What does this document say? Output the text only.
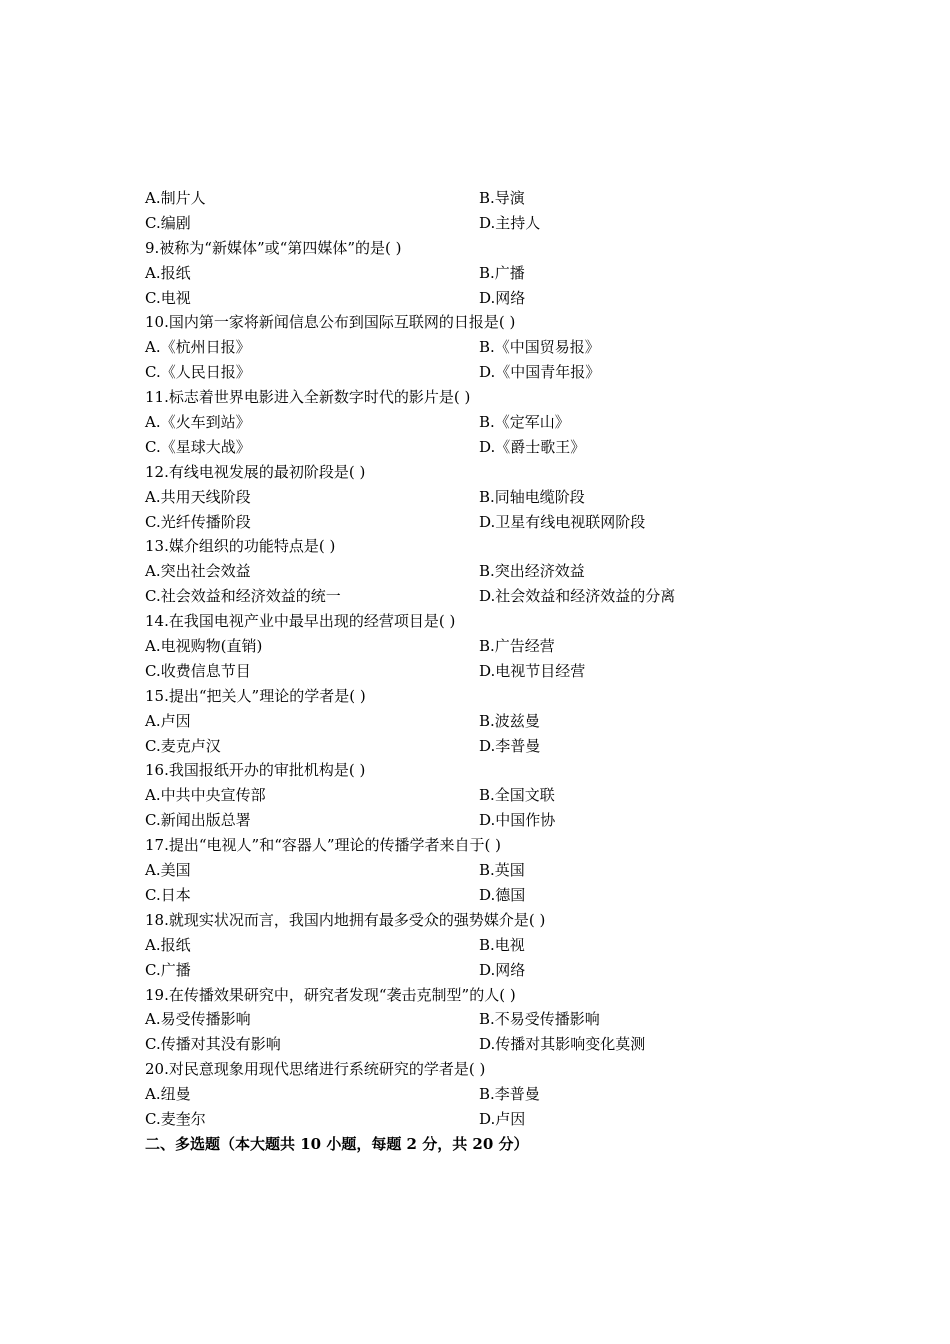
A.制片人	B.导演
C.编剧	D.主持人
9.被称为“新媒体”或“第四媒体”的是( )
A.报纸	B.广播
C.电视	D.网络
10.国内第一家将新闻信息公布到国际互联网的日报是( )
A.《杭州日报》	B.《中国贸易报》
C.《人民日报》	D.《中国青年报》
11.标志着世界电影进入全新数字时代的影片是( )
A.《火车到站》	B.《定军山》
C.《星球大战》	D.《爵士歌王》
12.有线电视发展的最初阶段是( )
A.共用天线阶段	B.同轴电缆阶段
C.光纤传播阶段	D.卫星有线电视联网阶段
13.媒介组织的功能特点是( )
A.突出社会效益	B.突出经济效益
C.社会效益和经济效益的统一	D.社会效益和经济效益的分离
14.在我国电视产业中最早出现的经营项目是( )
A.电视购物(直销)	B.广告经营
C.收费信息节目	D.电视节目经营
15.提出“把关人”理论的学者是( )
A.卢因	B.波兹曼
C.麦克卢汉	D.李普曼
16.我国报纸开办的审批机构是( )
A.中共中央宣传部	B.全国文联
C.新闻出版总署	D.中国作协
17.提出“电视人”和“容器人”理论的传播学者来自于( )
A.美国	B.英国
C.日本	D.德国
18.就现实状况而言，我国内地拥有最多受众的强势媒介是( )
A.报纸	B.电视
C.广播	D.网络
19.在传播效果研究中，研究者发现“袭击克制型”的人( )
A.易受传播影响	B.不易受传播影响
C.传播对其没有影响	D.传播对其影响变化莫测
20.对民意现象用现代思绪进行系统研究的学者是( )
A.纽曼	B.李普曼
C.麦奎尔	D.卢因
二、多选题（本大题共 10 小题，每题 2 分，共 20 分）
